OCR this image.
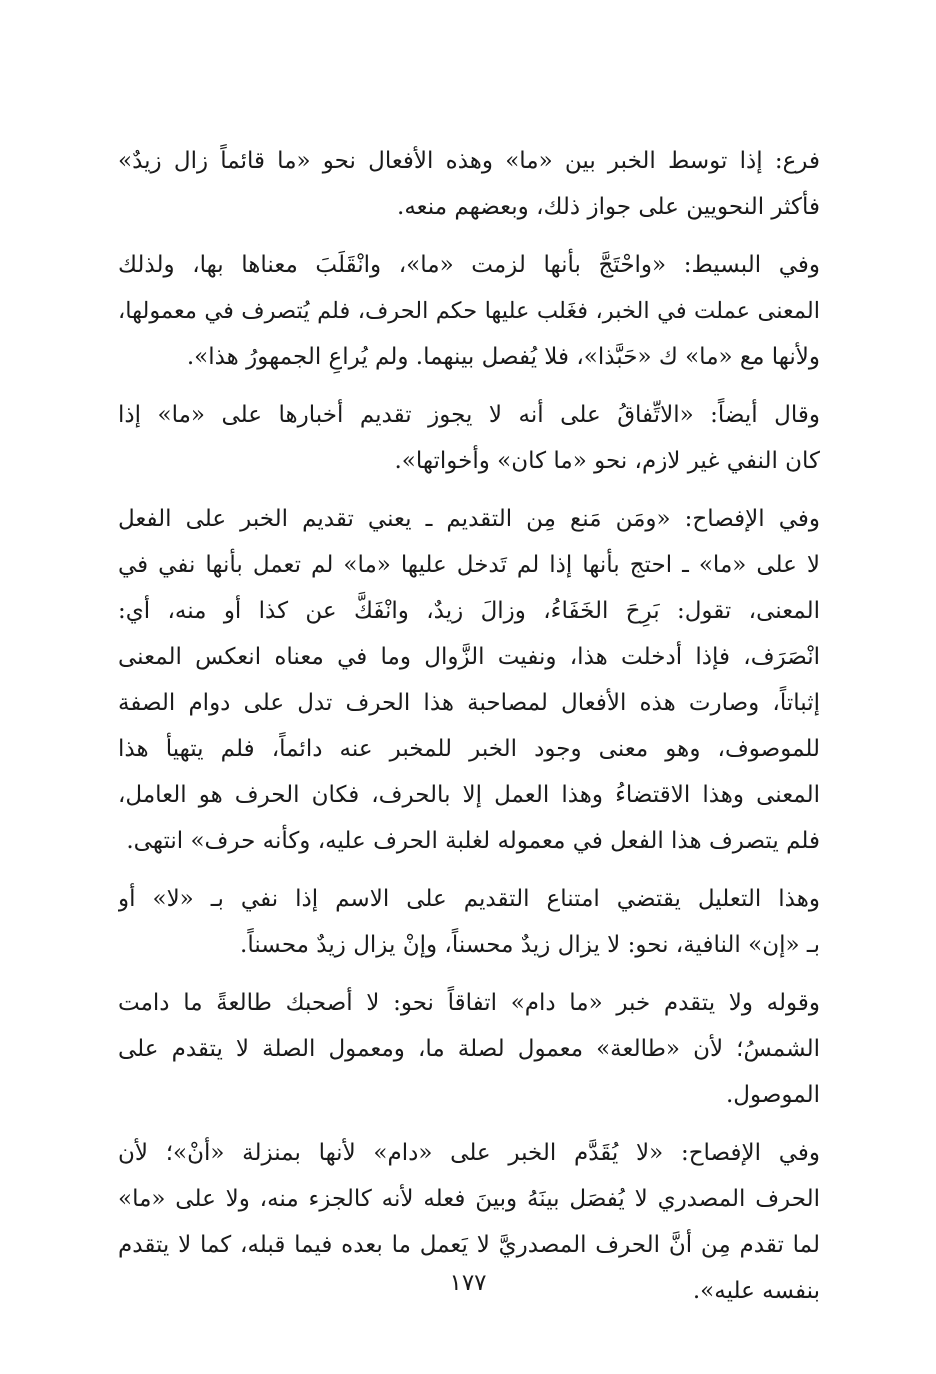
فرع: إذا توسط الخبر بين «ما» وهذه الأفعال نحو «ما قائماً زال زيدٌ»
فأكثر النحويين على جواز ذلك، وبعضهم منعه.
وفي البسيط: «واحْتَجَّ بأنها لزمت «ما»، وانْقَلَبَ معناها بها، ولذلك
المعنى عملت في الخبر، فغَلب عليها حكم الحرف، فلم يُتصرف في معمولها،
ولأنها مع «ما» ك «حَبَّذا»، فلا يُفصل بينهما. ولم يُراعِ الجمهورُ هذا».
وقال أيضاً: «الاتِّفاقُ على أنه لا يجوز تقديم أخبارها على «ما» إذا
كان النفي غير لازم، نحو «ما كان» وأخواتها».
وفي الإفصاح: «ومَن مَنع مِن التقديم ـ يعني تقديم الخبر على الفعل
لا على «ما» ـ احتج بأنها إذا لم تَدخل عليها «ما» لم تعمل بأنها نفي في
المعنى، تقول: بَرِحَ الخَفَاءُ، وزالَ زيدٌ، وانْفَكَّ عن كذا أو منه، أي:
انْصَرَف، فإذا أدخلت هذا، ونفيت الزَّوال وما في معناه انعكس المعنى
إثباتاً، وصارت هذه الأفعال لمصاحبة هذا الحرف تدل على دوام الصفة
للموصوف، وهو معنى وجود الخبر للمخبر عنه دائماً، فلم يتهيأ هذا
المعنى وهذا الاقتضاءُ وهذا العمل إلا بالحرف، فكان الحرف هو العامل،
فلم يتصرف هذا الفعل في معموله لغلبة الحرف عليه، وكأنه حرف» انتهى.
وهذا التعليل يقتضي امتناع التقديم على الاسم إذا نفي بـ «لا» أو
بـ «إن» النافية، نحو: لا يزال زيدٌ محسناً، وإنْ يزال زيدٌ محسناً.
وقوله ولا يتقدم خبر «ما دام» اتفاقاً نحو: لا أصحبك طالعةً ما دامت
الشمسُ؛ لأن «طالعة» معمول لصلة ما، ومعمول الصلة لا يتقدم على
الموصول.
وفي الإفصاح: «لا يُقَدَّم الخبر على «دام» لأنها بمنزلة «أنْ»؛ لأن
الحرف المصدري لا يُفصَل بينَهُ وبينَ فعله لأنه كالجزء منه، ولا على «ما»
لما تقدم مِن أنَّ الحرف المصدريَّ لا يَعمل ما بعده فيما قبله، كما لا يتقدم
بنفسه عليه».
١٧٧
